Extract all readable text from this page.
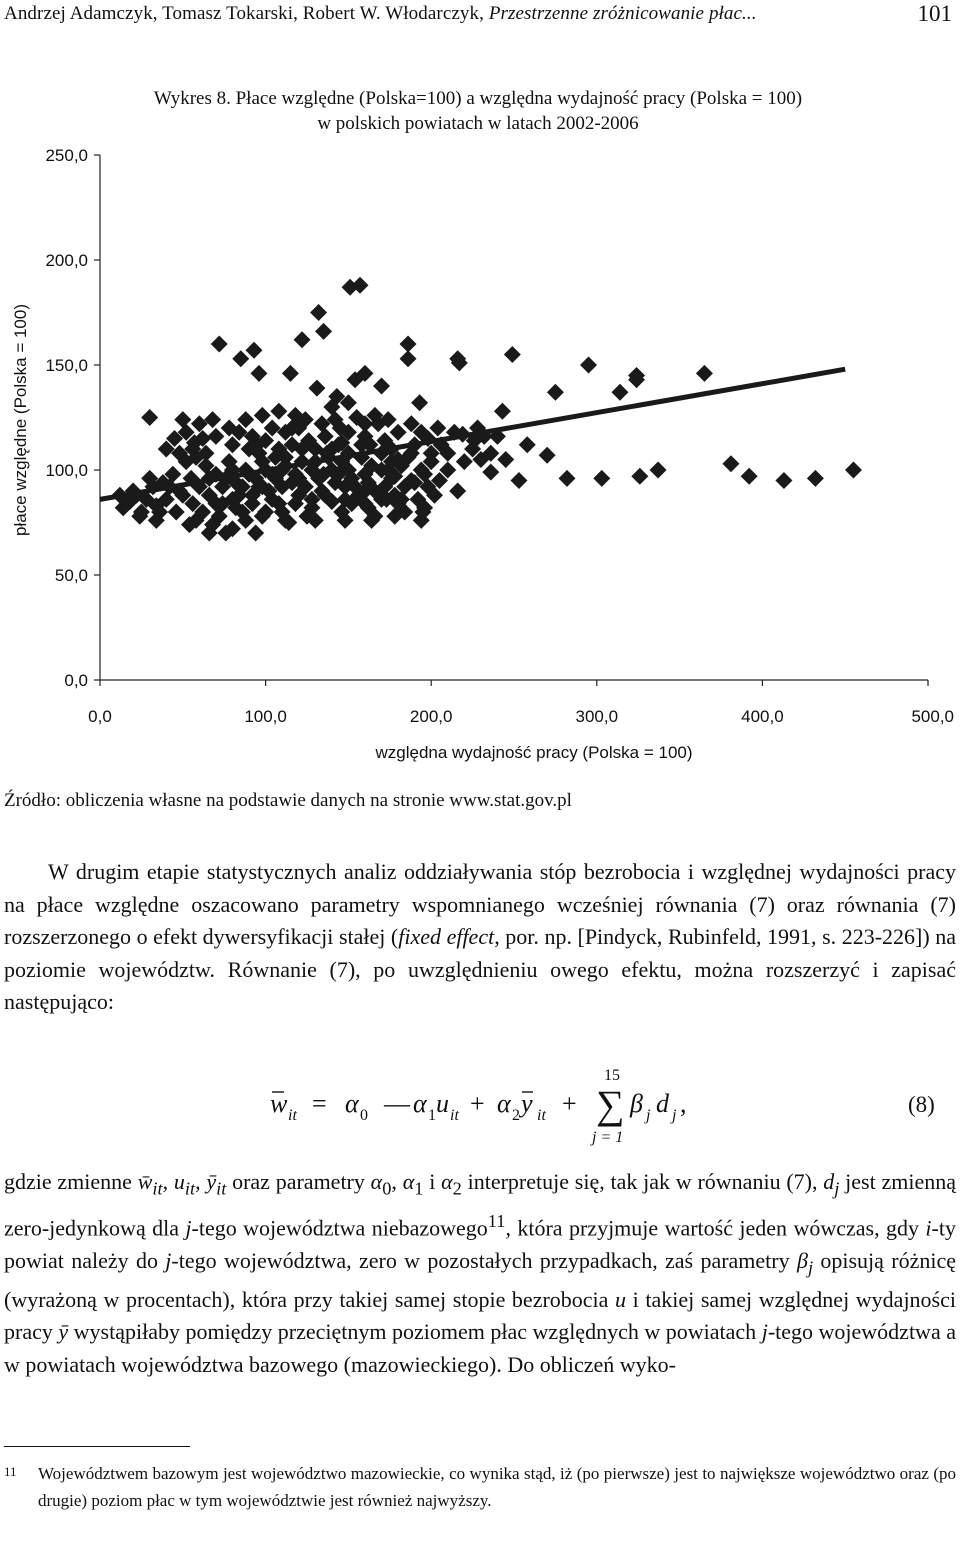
Andrzej Adamczyk, Tomasz Tokarski, Robert W. Włodarczyk, Przestrzenne zróżnicowanie płac...	101
Wykres 8. Płace względne (Polska=100) a względna wydajność pracy (Polska = 100)
w polskich powiatach w latach 2002-2006
0,0
50,0
100,0
150,0
200,0
250,0
0,0	100,0	200,0	300,0	400,0	500,0
względna wydajność pracy (Polska = 100)
płace względne (Polska = 100)
Źródło: obliczenia własne na podstawie danych na stronie www.stat.gov.pl

W drugim etapie statystycznych analiz oddziaływania stóp bezrobocia i względnej wydajności pracy na płace względne oszacowano parametry wspomnianego wcześniej równania (7) oraz równania (7) rozszerzonego o efekt dywersyfikacji stałej (fixed effect, por. np. [Pindyck, Rubinfeld, 1991, s. 223-226]) na poziomie województw. Równanie (7), po uwzględnieniu owego efektu, można rozszerzyć i zapisać następująco:

w it = α 0 — α 1 u it + α 2 y it + ∑
15
j = 1
β j d j ,	(8)

gdzie zmienne $w̄_{it}$, $u_{it}$, $ȳ_{it}$ oraz parametry $\alpha_0$, $\alpha_1$ i $\alpha_2$ interpretuje się, tak jak w równaniu (7), $d_j$ jest zmienną zero-jedynkową dla j-tego województwa niebazowego$^{11}$, która przyjmuje wartość jeden wówczas, gdy i-ty powiat należy do j-tego województwa, zero w pozostałych przypadkach, zaś parametry $\beta_j$ opisują różnicę (wyrażoną w procentach), która przy takiej samej stopie bezrobocia u i takiej samej względnej wydajności pracy ȳ wystąpiłaby pomiędzy przeciętnym poziomem płac względnych w powiatach j-tego województwa a w powiatach województwa bazowego (mazowieckiego). Do obliczeń wyko-

11 Województwem bazowym jest województwo mazowieckie, co wynika stąd, iż (po pierwsze) jest to największe województwo oraz (po drugie) poziom płac w tym województwie jest również najwyższy.
